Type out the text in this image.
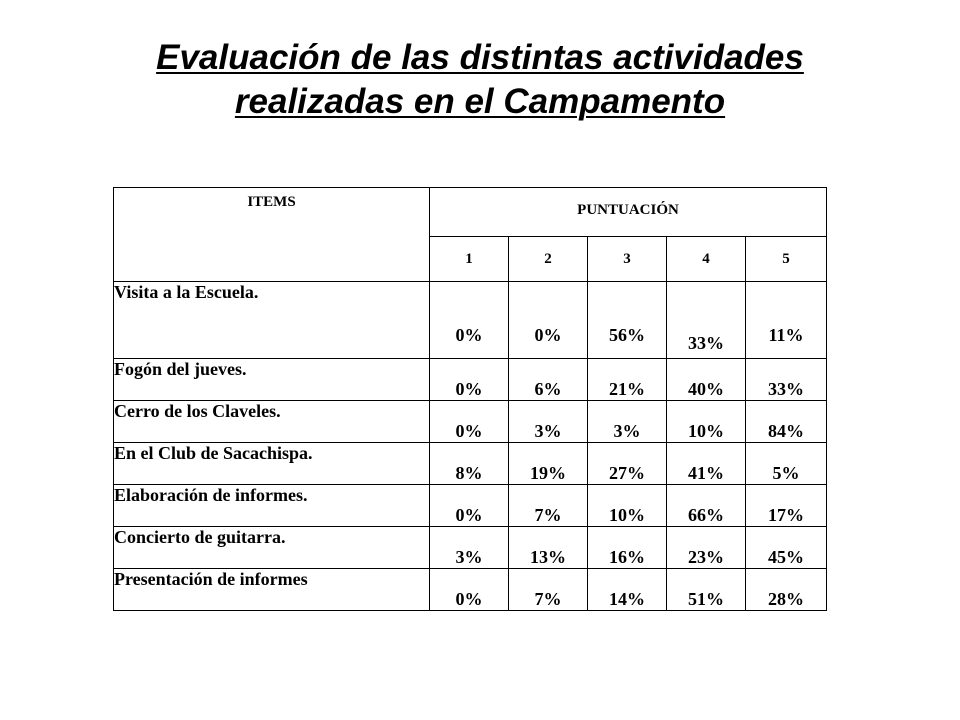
Evaluación de las distintas actividades
realizadas en el Campamento
ITEMS	PUNTUACIÓN				
	1	2	3	4	5
Visita a la Escuela.	0%	0%	56%	33%	11%
Fogón del jueves.	0%	6%	21%	40%	33%
Cerro de los Claveles.	0%	3%	3%	10%	84%
En el Club de Sacachispa.	8%	19%	27%	41%	5%
Elaboración de informes.	0%	7%	10%	66%	17%
Concierto de guitarra.	3%	13%	16%	23%	45%
Presentación de informes	0%	7%	14%	51%	28%
